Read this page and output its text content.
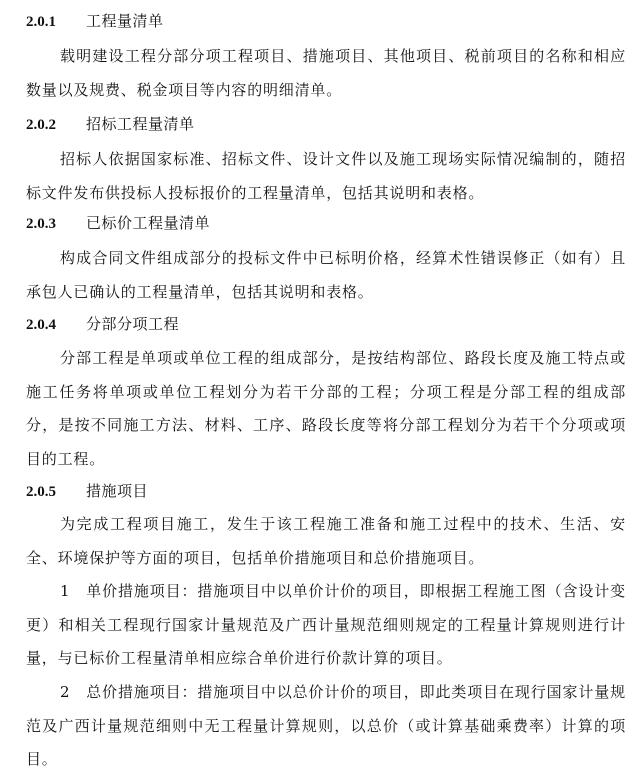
2.0.1 工程量清单
载明建设工程分部分项工程项目、措施项目、其他项目、税前项目的名称和相应数量以及规费、税金项目等内容的明细清单。
2.0.2 招标工程量清单
招标人依据国家标准、招标文件、设计文件以及施工现场实际情况编制的，随招标文件发布供投标人投标报价的工程量清单，包括其说明和表格。
2.0.3 已标价工程量清单
构成合同文件组成部分的投标文件中已标明价格，经算术性错误修正（如有）且承包人已确认的工程量清单，包括其说明和表格。
2.0.4 分部分项工程
分部工程是单项或单位工程的组成部分，是按结构部位、路段长度及施工特点或施工任务将单项或单位工程划分为若干分部的工程；分项工程是分部工程的组成部分，是按不同施工方法、材料、工序、路段长度等将分部工程划分为若干个分项或项目的工程。
2.0.5 措施项目
为完成工程项目施工，发生于该工程施工准备和施工过程中的技术、生活、安全、环境保护等方面的项目，包括单价措施项目和总价措施项目。
1　单价措施项目：措施项目中以单价计价的项目，即根据工程施工图（含设计变更）和相关工程现行国家计量规范及广西计量规范细则规定的工程量计算规则进行计量，与已标价工程量清单相应综合单价进行价款计算的项目。
2　总价措施项目：措施项目中以总价计价的项目，即此类项目在现行国家计量规范及广西计量规范细则中无工程量计算规则，以总价（或计算基础乘费率）计算的项目。
